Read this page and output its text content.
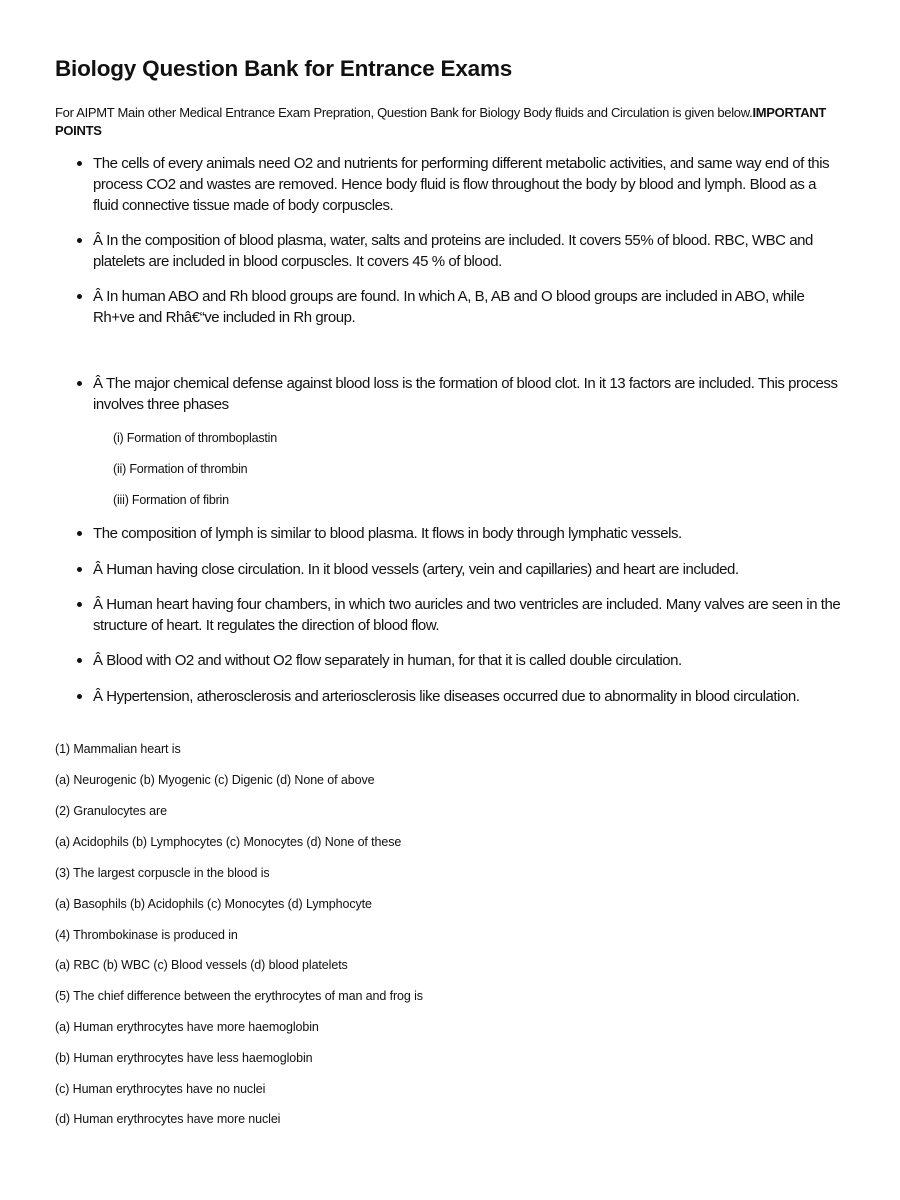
Biology Question Bank for Entrance Exams
For AIPMT Main other Medical Entrance Exam Prepration, Question Bank for Biology Body fluids and Circulation is given below.IMPORTANT POINTS
The cells of every animals need O2 and nutrients for performing different metabolic activities, and same way end of this process CO2 and wastes are removed. Hence body fluid is flow throughout the body by blood and lymph. Blood as a fluid connective tissue made of body corpuscles.
Â In the composition of blood plasma, water, salts and proteins are included. It covers 55% of blood. RBC, WBC and platelets are included in blood corpuscles. It covers 45 % of blood.
Â In human ABO and Rh blood groups are found. In which A, B, AB and O blood groups are included in ABO, while Rh+ve and Rhâ€“ve included in Rh group.
Â The major chemical defense against blood loss is the formation of blood clot. In it 13 factors are included. This process involves three phases
(i) Formation of thromboplastin
(ii) Formation of thrombin
(iii) Formation of fibrin
The composition of lymph is similar to blood plasma. It flows in body through lymphatic vessels.
Â Human having close circulation. In it blood vessels (artery, vein and capillaries) and heart are included.
Â Human heart having four chambers, in which two auricles and two ventricles are included. Many valves are seen in the structure of heart. It regulates the direction of blood flow.
Â Blood with O2 and without O2 flow separately in human, for that it is called double circulation.
Â Hypertension, atherosclerosis and arteriosclerosis like diseases occurred due to abnormality in blood circulation.
(1) Mammalian heart is
(a) Neurogenic (b) Myogenic (c) Digenic (d) None of above
(2) Granulocytes are
(a) Acidophils (b) Lymphocytes (c) Monocytes (d) None of these
(3) The largest corpuscle in the blood is
(a) Basophils (b) Acidophils (c) Monocytes (d) Lymphocyte
(4) Thrombokinase is produced in
(a) RBC (b) WBC (c) Blood vessels (d) blood platelets
(5) The chief difference between the erythrocytes of man and frog is
(a) Human erythrocytes have more haemoglobin
(b) Human erythrocytes have less haemoglobin
(c) Human erythrocytes have no nuclei
(d) Human erythrocytes have more nuclei
